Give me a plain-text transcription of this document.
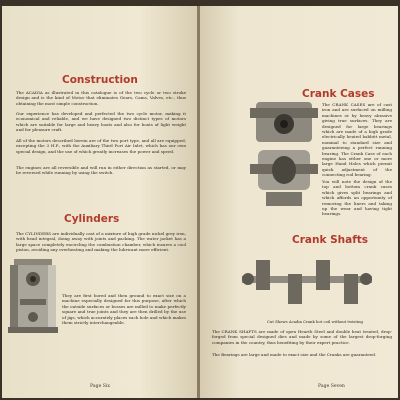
Construction

The ACADIA as illustrated in this catalogue is of the two cycle or two stroke design and is the kind of Motor that eliminates Gears, Cams, Valves, etc., thus obtaining the most simple construction.

Our experience has developed and perfected the two cycle motor, making it economical and reliable, and we have designed two distinct types of motors which are suitable for large and heavy boats and also for boats of light weight and for pleasure craft.

All of the motors described herein are of the two port type, and all are equipped, excepting the 3 H.P., with the Auxiliary Third Port Air Inlet, which has our own special design, and the use of which greatly increases the power and speed.

The engines are all reversible and will run in either direction as started, or may be reversed while running by using the switch.

Cylinders

The CYLINDERS are individually cast of a mixture of high grade nickel grey iron, with head integral, doing away with joints and packing. The water jacket has a large space completely encircling the combustion chamber, which insures a cool piston, avoiding any overheating and making the lubricant more efficient.

They are first bored and then ground to exact size on a machine especially designed for this purpose, after which the outside surfaces or bosses are milled to make perfectly square and true joints and they are then drilled by the use of jigs, which accurately places each hole and which makes them strictly interchangeable.

Page Six
Crank Cases

The CRANK CASES are of cast iron and are surfaced on milling machines or by heavy abrasive giving true surfaces. They are designed for large bearings which are made of a high grade electrically heated babbitt metal, nominal to standard size and guaranteeing a perfect running bearing. The Crank Case of each engine has either one or more large Hand Holes which permit quick adjustment of the connecting rod bearing.

You will note the design of the top and bottom crank cases which gives split bearings and which affords an opportunity of removing the liners and taking up the wear and having tight bearings.

Crank Shafts

Cut Shows Acadia Crank hot coil without twisting

The CRANK SHAFTS are made of open Hearth Steel and double heat treated, drop-forged from special designed dies and made by some of the largest drop-forging companies in the country, thus benefiting by their expert practice.

The Bearings are large and made to exact size and the Cranks are guaranteed.

Page Seven
